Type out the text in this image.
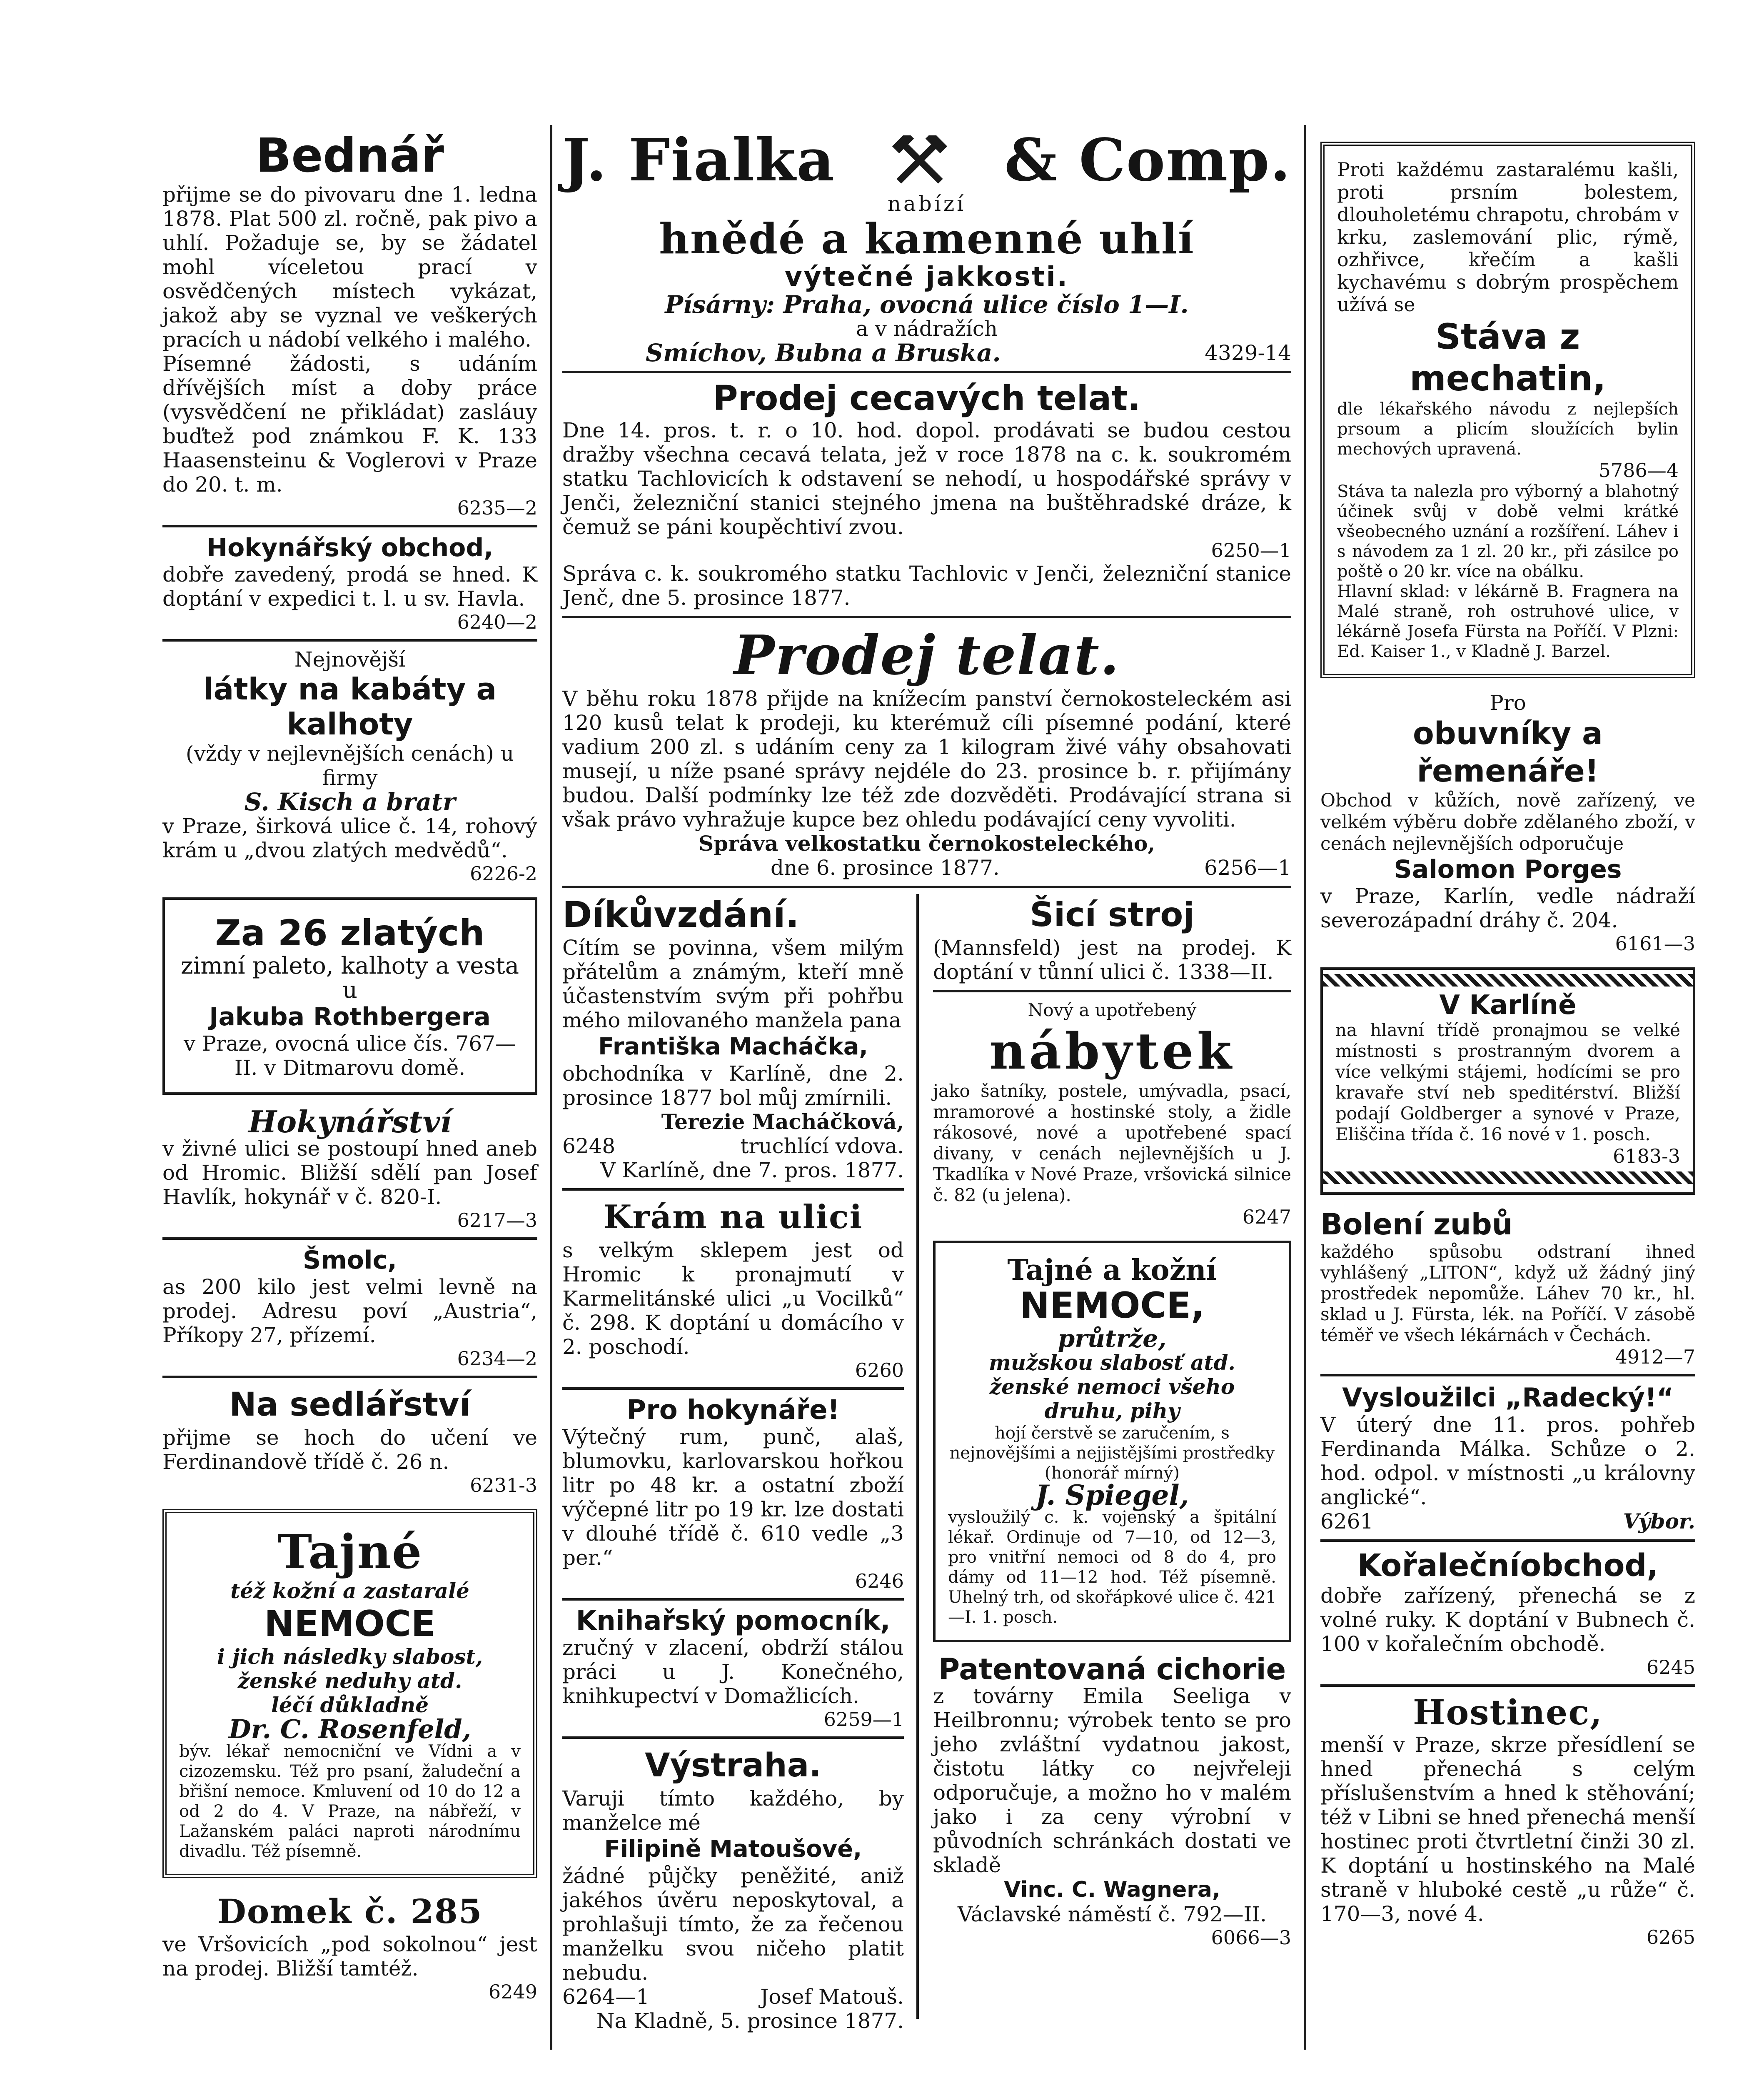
Bednář

přijme se do pivovaru dne 1. ledna 1878. Plat 500 zl. ročně, pak pivo a uhlí. Požaduje se, by se žádatel mohl víceletou prací v osvědčených místech vykázat, jakož aby se vyznal ve veškerých pracích u nádobí velkého i malého.

Písemné žádosti, s udáním dřívějších míst a doby práce (vysvědčení ne přikládat) zasláuy buďtež pod známkou F. K. 133 Haasensteinu & Voglerovi v Praze do 20. t. m.

6235—2

Hokynářský obchod,

dobře zavedený, prodá se hned. K doptání v expedici t. l. u sv. Havla.

6240—2

Nejnovější

látky na kabáty a kalhoty

(vždy v nejlevnějších cenách) u firmy

S. Kisch a bratr

v Praze, širková ulice č. 14, rohový krám u „dvou zlatých medvědů“.

6226-2

Za 26 zlatých

zimní paleto, kalhoty a vesta u

Jakuba Rothbergera

v Praze, ovocná ulice čís. 767—II. v Ditmarovu domě.

Hokynářství

v živné ulici se postoupí hned aneb od Hromic. Bližší sdělí pan Josef Havlík, hokynář v č. 820-I.

6217—3

Šmolc,

as 200 kilo jest velmi levně na prodej. Adresu poví „Austria“, Příkopy 27, přízemí.

6234—2

Na sedlářství

přijme se hoch do učení ve Ferdinandově třídě č. 26 n.

6231-3

Tajné

též kožní a zastaralé

NEMOCE

i jich následky slabost,

ženské neduhy atd.

léčí důkladně

Dr. C. Rosenfeld,

býv. lékař nemocniční ve Vídni a v cizozemsku. Též pro psaní, žaludeční a břišní nemoce. Kmluvení od 10 do 12 a od 2 do 4. V Praze, na nábřeží, v Lažanském paláci naproti národnímu divadlu. Též písemně.

Domek č. 285

ve Vršovicích „pod sokolnou“ jest na prodej. Bližší tamtéž.

6249

J. Fialka	& Comp.

nabízí

hnědé a kamenné uhlí

výtečné jakkosti.

Písárny: Praha, ovocná ulice číslo 1—I.

a v nádražích

Smíchov, Bubna a Bruska.	4329-14

Prodej cecavých telat.

Dne 14. pros. t. r. o 10. hod. dopol. prodávati se budou cestou dražby všechna cecavá telata, jež v roce 1878 na c. k. soukromém statku Tachlovicích k odstavení se nehodí, u hospodářské správy v Jenči, železniční stanici stejného jmena na buštěhradské dráze, k čemuž se páni koupěchtiví zvou.

6250—1

Správa c. k. soukromého statku Tachlovic v Jenči, železniční stanice Jenč, dne 5. prosince 1877.

Prodej telat.

V běhu roku 1878 přijde na knížecím panství černokosteleckém asi 120 kusů telat k prodeji, ku kterémuž cíli písemné podání, které vadium 200 zl. s udáním ceny za 1 kilogram živé váhy obsahovati musejí, u níže psané správy nejdéle do 23. prosince b. r. přijímány budou. Další podmínky lze též zde dozvěděti. Prodávající strana si však právo vyhražuje kupce bez ohledu podávající ceny vyvoliti.

Správa velkostatku černokosteleckého,

dne 6. prosince 1877.	6256—1

Díkůvzdání.

Cítím se povinna, všem milým přátelům a známým, kteří mně účastenstvím svým při pohřbu mého milovaného manžela pana

Františka Macháčka,

obchodníka v Karlíně, dne 2. prosince 1877 bol můj zmírnili.

Terezie Macháčková,

6248	truchlící vdova.

V Karlíně, dne 7. pros. 1877.

Krám na ulici

s velkým sklepem jest od Hromic k pronajmutí v Karmelitánské ulici „u Vocilků“ č. 298. K doptání u domácího v 2. poschodí.

6260

Pro hokynáře!

Výtečný rum, punč, alaš, blumovku, karlovarskou hořkou litr po 48 kr. a ostatní zboží výčepné litr po 19 kr. lze dostati v dlouhé třídě č. 610 vedle „3 per.“

6246

Knihařský pomocník,

zručný v zlacení, obdrží stálou práci u J. Konečného, knihkupectví v Domažlicích.

6259—1

Výstraha.

Varuji tímto každého, by manželce mé

Filipině Matoušové,

žádné půjčky peněžité, aniž jakéhos úvěru neposkytoval, a prohlašuji tímto, že za řečenou manželku svou ničeho platit nebudu.

6264—1	Josef Matouš.

Na Kladně, 5. prosince 1877.

Šicí stroj

(Mannsfeld) jest na prodej. K doptání v tůnní ulici č. 1338—II.

Nový a upotřebený

nábytek

jako šatníky, postele, umývadla, psací, mramorové a hostinské stoly, a židle rákosové, nové a upotřebené spací divany, v cenách nejlevnějších u J. Tkadlíka v Nové Praze, vršovická silnice č. 82 (u jelena).

6247

Tajné a kožní

NEMOCE,

průtrže,

mužskou slabosť atd.

ženské nemoci všeho druhu, pihy

hojí čerstvě se zaručením, s nejnovějšími a nejjistějšími prostředky (honorář mírný)

J. Spiegel,

vysloužilý c. k. vojenský a špitální lékař. Ordinuje od 7—10, od 12—3, pro vnitřní nemoci od 8 do 4, pro dámy od 11—12 hod. Též písemně. Uhelný trh, od skořápkové ulice č. 421—I. 1. posch.

Patentovaná cichorie

z továrny Emila Seeliga v Heilbronnu; výrobek tento se pro jeho zvláštní vydatnou jakost, čistotu látky co nejvřeleji odporučuje, a možno ho v malém jako i za ceny výrobní v původních schránkách dostati ve skladě

Vinc. C. Wagnera,

Václavské náměstí č. 792—II.

6066—3

Proti každému zastaralému kašli, proti prsním bolestem, dlouholetému chrapotu, chrobám v krku, zaslemování plic, rýmě, ozhřivce, křečím a kašli kychavému s dobrým prospěchem užívá se

Stáva z mechatin,

dle lékařského návodu z nejlepších prsoum a plicím sloužících bylin mechových upravená.

5786—4

Stáva ta nalezla pro výborný a blahotný účinek svůj v době velmi krátké všeobecného uznání a rozšíření. Láhev i s návodem za 1 zl. 20 kr., při zásilce po poště o 20 kr. více na obálku.

Hlavní sklad: v lékárně B. Fragnera na Malé straně, roh ostruhové ulice, v lékárně Josefa Fürsta na Poříčí. V Plzni: Ed. Kaiser 1., v Kladně J. Barzel.

Pro

obuvníky a řemenáře!

Obchod v kůžích, nově zařízený, ve velkém výběru dobře zdělaného zboží, v cenách nejlevnějších odporučuje

Salomon Porges

v Praze, Karlín, vedle nádraží severozápadní dráhy č. 204.

6161—3

V Karlíně

na hlavní třídě pronajmou se velké místnosti s prostranným dvorem a více velkými stájemi, hodícími se pro kravaře ství neb speditérství. Bližší podají Goldberger a synové v Praze, Eliščina třída č. 16 nové v 1. posch.

6183-3

Bolení zubů

každého spůsobu odstraní ihned vyhlášený „LITON“, když už žádný jiný prostředek nepomůže. Láhev 70 kr., hl. sklad u J. Fürsta, lék. na Poříčí. V zásobě téměř ve všech lékárnách v Čechách.

4912—7

Vysloužilci „Radecký!“

V úterý dne 11. pros. pohřeb Ferdinanda Málka. Schůze o 2. hod. odpol. v místnosti „u královny anglické“.

6261	Výbor.

Kořalečníobchod,

dobře zařízený, přenechá se z volné ruky. K doptání v Bubnech č. 100 v kořalečním obchodě.

6245

Hostinec,

menší v Praze, skrze přesídlení se hned přenechá s celým příslušenstvím a hned k stěhování; též v Libni se hned přenechá menší hostinec proti čtvrtletní činži 30 zl. K doptání u hostinského na Malé straně v hluboké cestě „u růže“ č. 170—3, nové 4.

6265
